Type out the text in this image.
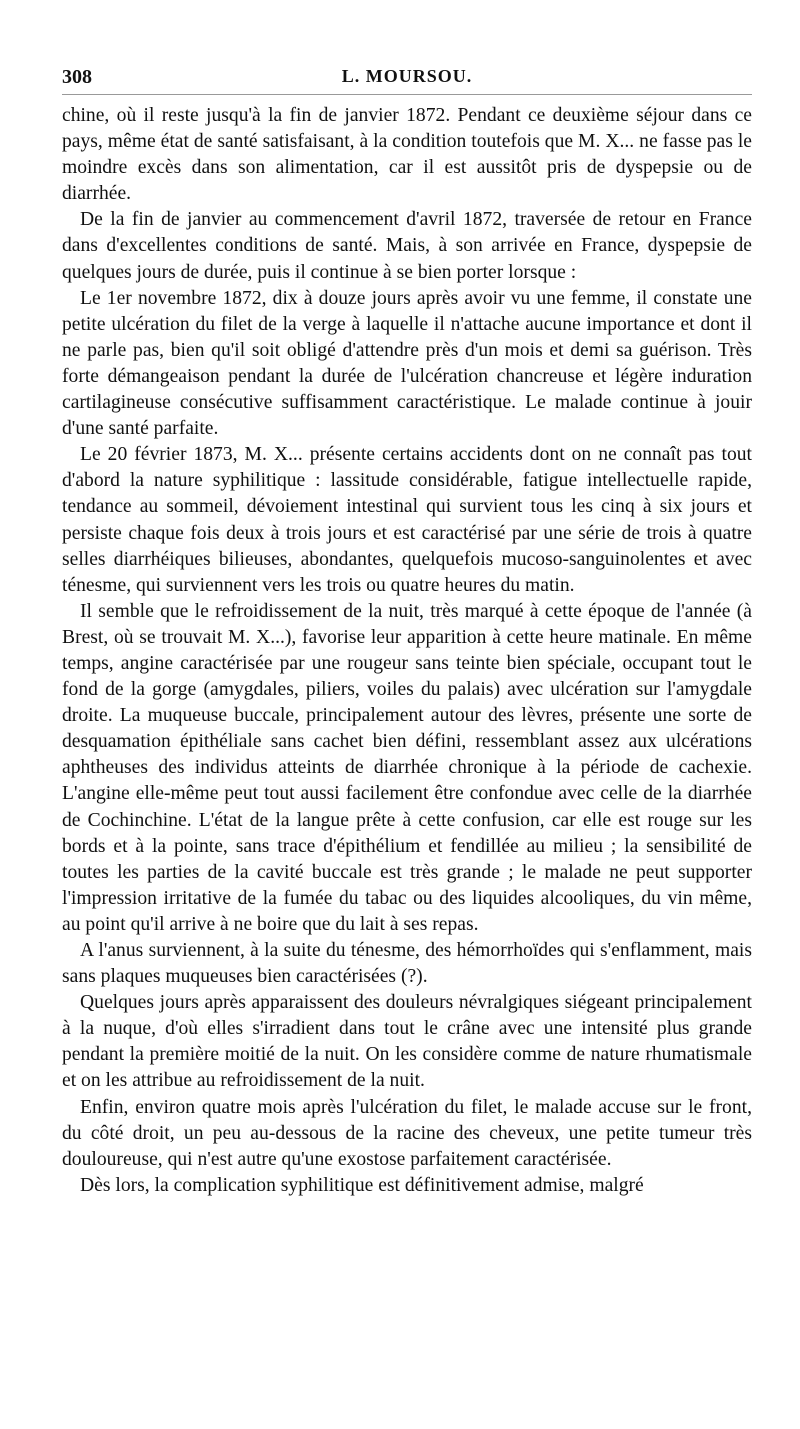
308	L. MOURSOU.

chine, où il reste jusqu'à la fin de janvier 1872. Pendant ce deuxième séjour dans ce pays, même état de santé satisfaisant, à la condition toutefois que M. X... ne fasse pas le moindre excès dans son alimentation, car il est aussitôt pris de dyspepsie ou de diarrhée.

De la fin de janvier au commencement d'avril 1872, traversée de retour en France dans d'excellentes conditions de santé. Mais, à son arrivée en France, dyspepsie de quelques jours de durée, puis il continue à se bien porter lorsque :

Le 1er novembre 1872, dix à douze jours après avoir vu une femme, il constate une petite ulcération du filet de la verge à laquelle il n'attache aucune importance et dont il ne parle pas, bien qu'il soit obligé d'attendre près d'un mois et demi sa guérison. Très forte démangeaison pendant la durée de l'ulcération chancreuse et légère induration cartilagineuse consécutive suffisamment caractéristique. Le malade continue à jouir d'une santé parfaite.

Le 20 février 1873, M. X... présente certains accidents dont on ne connaît pas tout d'abord la nature syphilitique : lassitude considérable, fatigue intellectuelle rapide, tendance au sommeil, dévoiement intestinal qui survient tous les cinq à six jours et persiste chaque fois deux à trois jours et est caractérisé par une série de trois à quatre selles diarrhéiques bilieuses, abondantes, quelquefois mucoso-sanguinolentes et avec ténesme, qui surviennent vers les trois ou quatre heures du matin.

Il semble que le refroidissement de la nuit, très marqué à cette époque de l'année (à Brest, où se trouvait M. X...), favorise leur apparition à cette heure matinale. En même temps, angine caractérisée par une rougeur sans teinte bien spéciale, occupant tout le fond de la gorge (amygdales, piliers, voiles du palais) avec ulcération sur l'amygdale droite. La muqueuse buccale, principalement autour des lèvres, présente une sorte de desquamation épithéliale sans cachet bien défini, ressemblant assez aux ulcérations aphtheuses des individus atteints de diarrhée chronique à la période de cachexie. L'angine elle-même peut tout aussi facilement être confondue avec celle de la diarrhée de Cochinchine. L'état de la langue prête à cette confusion, car elle est rouge sur les bords et à la pointe, sans trace d'épithélium et fendillée au milieu ; la sensibilité de toutes les parties de la cavité buccale est très grande ; le malade ne peut supporter l'impression irritative de la fumée du tabac ou des liquides alcooliques, du vin même, au point qu'il arrive à ne boire que du lait à ses repas.

A l'anus surviennent, à la suite du ténesme, des hémorrhoïdes qui s'enflamment, mais sans plaques muqueuses bien caractérisées (?).

Quelques jours après apparaissent des douleurs névralgiques siégeant principalement à la nuque, d'où elles s'irradient dans tout le crâne avec une intensité plus grande pendant la première moitié de la nuit. On les considère comme de nature rhumatismale et on les attribue au refroidissement de la nuit.

Enfin, environ quatre mois après l'ulcération du filet, le malade accuse sur le front, du côté droit, un peu au-dessous de la racine des cheveux, une petite tumeur très douloureuse, qui n'est autre qu'une exostose parfaitement caractérisée.

Dès lors, la complication syphilitique est définitivement admise, malgré
